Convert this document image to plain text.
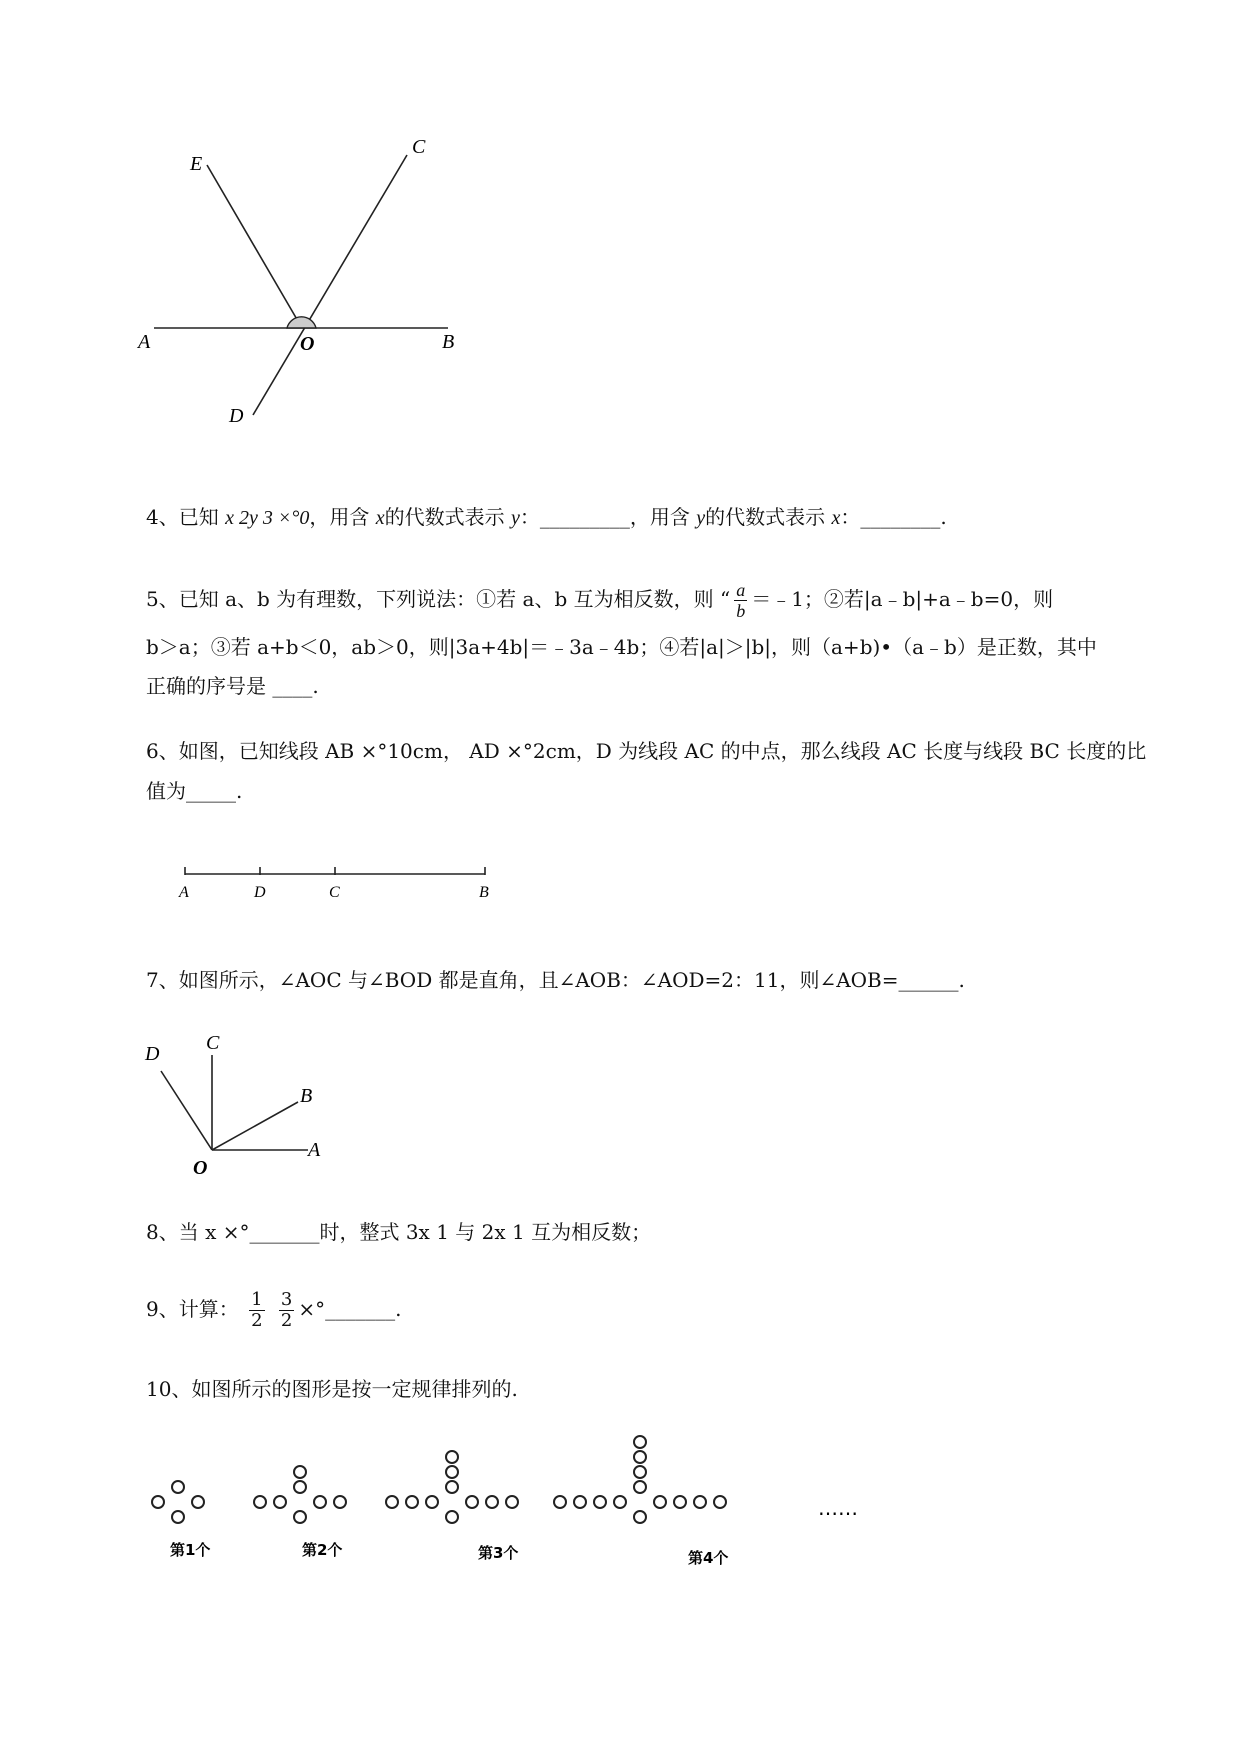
E
C
A	O	B
D
4、已知 x 2y 3 ×°0，用含 x的代数式表示 y：_________，用含 y的代数式表示 x：________.
5、已知 a、b 为有理数，下列说法：①若 a、b 互为相反数，则 “ $\frac{a}{b}$ ＝﹣1；②若|a﹣b|+a﹣b=0，则
b＞a；③若 a+b＜0，ab＞0，则|3a+4b|＝﹣3a﹣4b；④若|a|＞|b|，则（a+b)•（a﹣b）是正数，其中
正确的序号是 ____.
6、如图，已知线段 AB ×°10cm， AD ×°2cm，D 为线段 AC 的中点，那么线段 AC 长度与线段 BC 长度的比
值为_____.
A	D	C	B
7、如图所示，∠AOC 与∠BOD 都是直角，且∠AOB：∠AOD=2：11，则∠AOB=______.
D C
B
A
O
8、当 x ×°_______时，整式 3x 1 与 2x 1 互为相反数；
9、计算： $\frac{1}{2}$
$\frac{3}{2}$ ×°_______.
10、如图所示的图形是按一定规律排列的.
第1个	第2个	第3个	第4个
……
